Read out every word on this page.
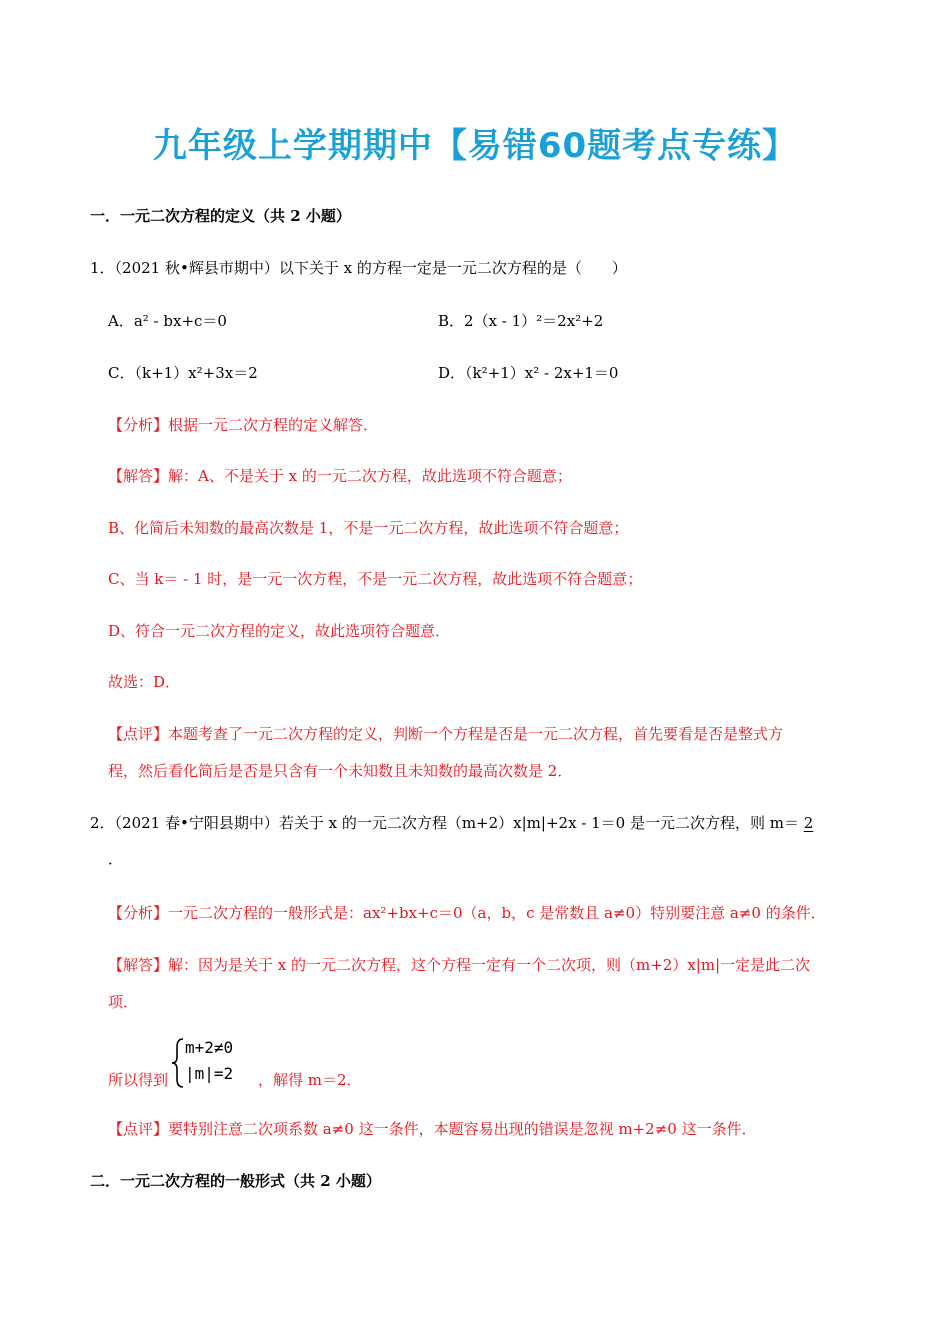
九年级上学期期中【易错60题考点专练】
一．一元二次方程的定义（共 2 小题）
1．（2021 秋•辉县市期中）以下关于 x 的方程一定是一元二次方程的是（　　）
A．a² - bx+c＝0	B．2（x - 1）²＝2x²+2
C．（k+1）x²+3x＝2	D．（k²+1）x² - 2x+1＝0
【分析】根据一元二次方程的定义解答．
【解答】解：A、不是关于 x 的一元二次方程，故此选项不符合题意；
B、化简后未知数的最高次数是 1，不是一元二次方程，故此选项不符合题意；
C、当 k＝ - 1 时，是一元一次方程，不是一元二次方程，故此选项不符合题意；
D、符合一元二次方程的定义，故此选项符合题意．
故选：D．
【点评】本题考查了一元二次方程的定义，判断一个方程是否是一元二次方程，首先要看是否是整式方
程，然后看化简后是否是只含有一个未知数且未知数的最高次数是 2．
2．（2021 春•宁阳县期中）若关于 x 的一元二次方程（m+2）x|m|+2x - 1＝0 是一元二次方程，则 m＝ 2
．
【分析】一元二次方程的一般形式是：ax²+bx+c＝0（a，b，c 是常数且 a≠0）特别要注意 a≠0 的条件．
【解答】解：因为是关于 x 的一元二次方程，这个方程一定有一个二次项，则（m+2）x|m|一定是此二次
项．
所以得到
m+2≠0
|m|=2 ，解得 m＝2．
【点评】要特别注意二次项系数 a≠0 这一条件，本题容易出现的错误是忽视 m+2≠0 这一条件．
二．一元二次方程的一般形式（共 2 小题）
